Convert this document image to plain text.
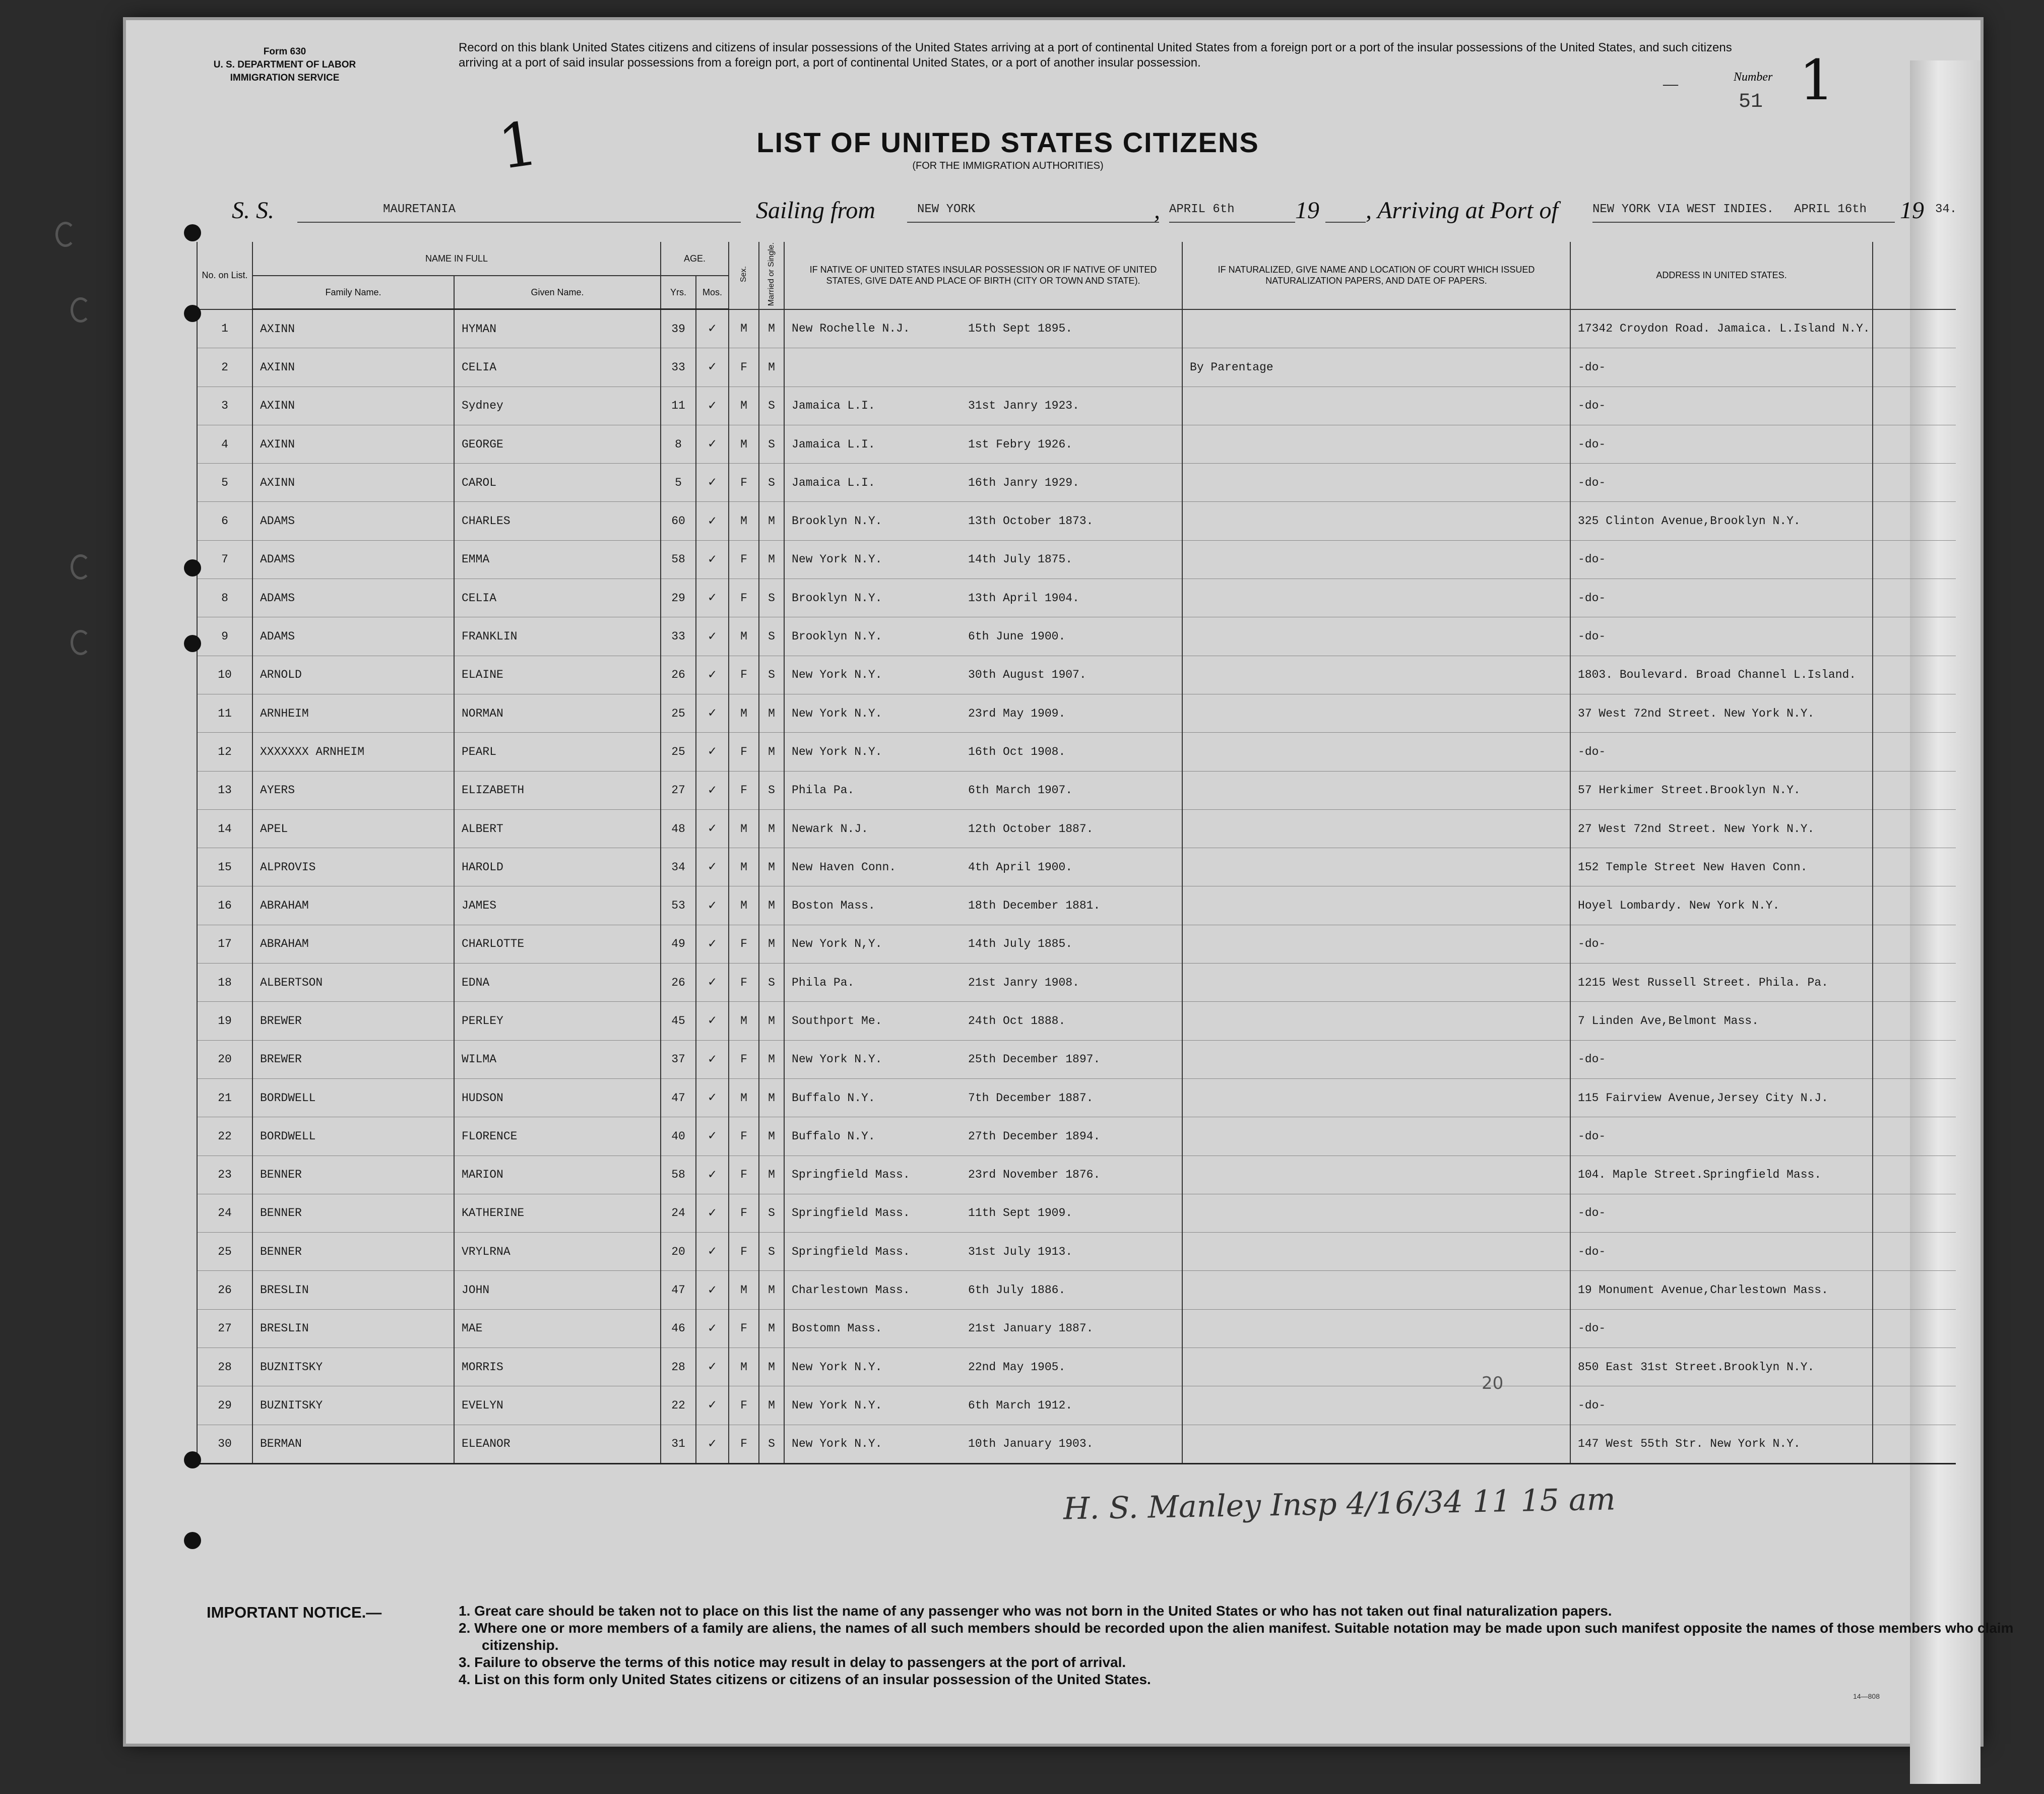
Form 630
U. S. DEPARTMENT OF LABOR
IMMIGRATION SERVICE
Record on this blank United States citizens and citizens of insular possessions of the United States arriving at a port of continental United States from a foreign port or a port of the insular possessions of the United States, and such citizens arriving at a port of said insular possessions from a foreign port, a port of continental United States, or a port of another insular possession.
—	Number
51 1
1	LIST OF UNITED STATES CITIZENS
(FOR THE IMMIGRATION AUTHORITIES)
S. S.	MAURETANIA	Sailing from	NEW YORK	, APRIL 6th	19 , Arriving at Port of	NEW YORK VIA WEST INDIES. APRIL 16th 19 34.
No. on List.	NAME IN FULL		AGE.		Sex.	Married or Single.	IF NATIVE OF UNITED STATES INSULAR POSSESSION OR IF NATIVE OF UNITED STATES, GIVE DATE AND PLACE OF BIRTH (CITY OR TOWN AND STATE).	IF NATURALIZED, GIVE NAME AND LOCATION OF COURT WHICH ISSUED NATURALIZATION PAPERS, AND DATE OF PAPERS.	ADDRESS IN UNITED STATES.	
	Family Name.	Given Name.	Yrs.	Mos.						
1	AXINN	HYMAN	39	✓	M	M	New Rochelle N.J. 15th Sept 1895.		17342 Croydon Road. Jamaica. L.Island N.Y.	
2	AXINN	CELIA	33	✓	F	M		By Parentage	-do-	
3	AXINN	Sydney	11	✓	M	S	Jamaica L.I. 31st Janry 1923.		-do-	
4	AXINN	GEORGE	8	✓	M	S	Jamaica L.I. 1st Febry 1926.		-do-	
5	AXINN	CAROL	5	✓	F	S	Jamaica L.I. 16th Janry 1929.		-do-	
6	ADAMS	CHARLES	60	✓	M	M	Brooklyn N.Y. 13th October 1873.		325 Clinton Avenue,Brooklyn N.Y.	
7	ADAMS	EMMA	58	✓	F	M	New York N.Y. 14th July 1875.		-do-	
8	ADAMS	CELIA	29	✓	F	S	Brooklyn N.Y. 13th April 1904.		-do-	
9	ADAMS	FRANKLIN	33	✓	M	S	Brooklyn N.Y. 6th June 1900.		-do-	
10	ARNOLD	ELAINE	26	✓	F	S	New York N.Y. 30th August 1907.		1803. Boulevard. Broad Channel L.Island.	
11	ARNHEIM	NORMAN	25	✓	M	M	New York N.Y. 23rd May 1909.		37 West 72nd Street. New York N.Y.	
12	XXXXXXX ARNHEIM	PEARL	25	✓	F	M	New York N.Y. 16th Oct 1908.		-do-	
13	AYERS	ELIZABETH	27	✓	F	S	Phila Pa. 6th March 1907.		57 Herkimer Street.Brooklyn N.Y.	
14	APEL	ALBERT	48	✓	M	M	Newark N.J. 12th October 1887.		27 West 72nd Street. New York N.Y.	
15	ALPROVIS	HAROLD	34	✓	M	M	New Haven Conn. 4th April 1900.		152 Temple Street New Haven Conn.	
16	ABRAHAM	JAMES	53	✓	M	M	Boston Mass. 18th December 1881.		Hoyel Lombardy. New York N.Y.	
17	ABRAHAM	CHARLOTTE	49	✓	F	M	New York N,Y. 14th July 1885.		-do-	
18	ALBERTSON	EDNA	26	✓	F	S	Phila Pa. 21st Janry 1908.		1215 West Russell Street. Phila. Pa.	
19	BREWER	PERLEY	45	✓	M	M	Southport Me. 24th Oct 1888.		7 Linden Ave,Belmont Mass.	
20	BREWER	WILMA	37	✓	F	M	New York N.Y. 25th December 1897.		-do-	
21	BORDWELL	HUDSON	47	✓	M	M	Buffalo N.Y. 7th December 1887.		115 Fairview Avenue,Jersey City N.J.	
22	BORDWELL	FLORENCE	40	✓	F	M	Buffalo N.Y. 27th December 1894.		-do-	
23	BENNER	MARION	58	✓	F	M	Springfield Mass. 23rd November 1876.		104. Maple Street.Springfield Mass.	
24	BENNER	KATHERINE	24	✓	F	S	Springfield Mass. 11th Sept 1909.		-do-	
25	BENNER	VRYLRNA	20	✓	F	S	Springfield Mass. 31st July 1913.		-do-	
26	BRESLIN	JOHN	47	✓	M	M	Charlestown Mass. 6th July 1886.		19 Monument Avenue,Charlestown Mass.	
27	BRESLIN	MAE	46	✓	F	M	Bostomn Mass. 21st January 1887.		-do-	
28	BUZNITSKY	MORRIS	28	✓	M	M	New York N.Y. 22nd May 1905.		850 East 31st Street.Brooklyn N.Y.	
29	BUZNITSKY	EVELYN	22	✓	F	M	New York N.Y. 6th March 1912.		-do-	
30	BERMAN	ELEANOR	31	✓	F	S	New York N.Y. 10th January 1903.		147 West 55th Str. New York N.Y.	
20
H. S. Manley Insp 4/16/34 11 15 am
IMPORTANT NOTICE.—	1. Great care should be taken not to place on this list the name of any passenger who was not born in the United States or who has not taken out final naturalization papers.
2. Where one or more members of a family are aliens, the names of all such members should be recorded upon the alien manifest. Suitable notation may be made upon such manifest opposite the names of those members who claim citizenship.
3. Failure to observe the terms of this notice may result in delay to passengers at the port of arrival.
4. List on this form only United States citizens or citizens of an insular possession of the United States.
14—808
